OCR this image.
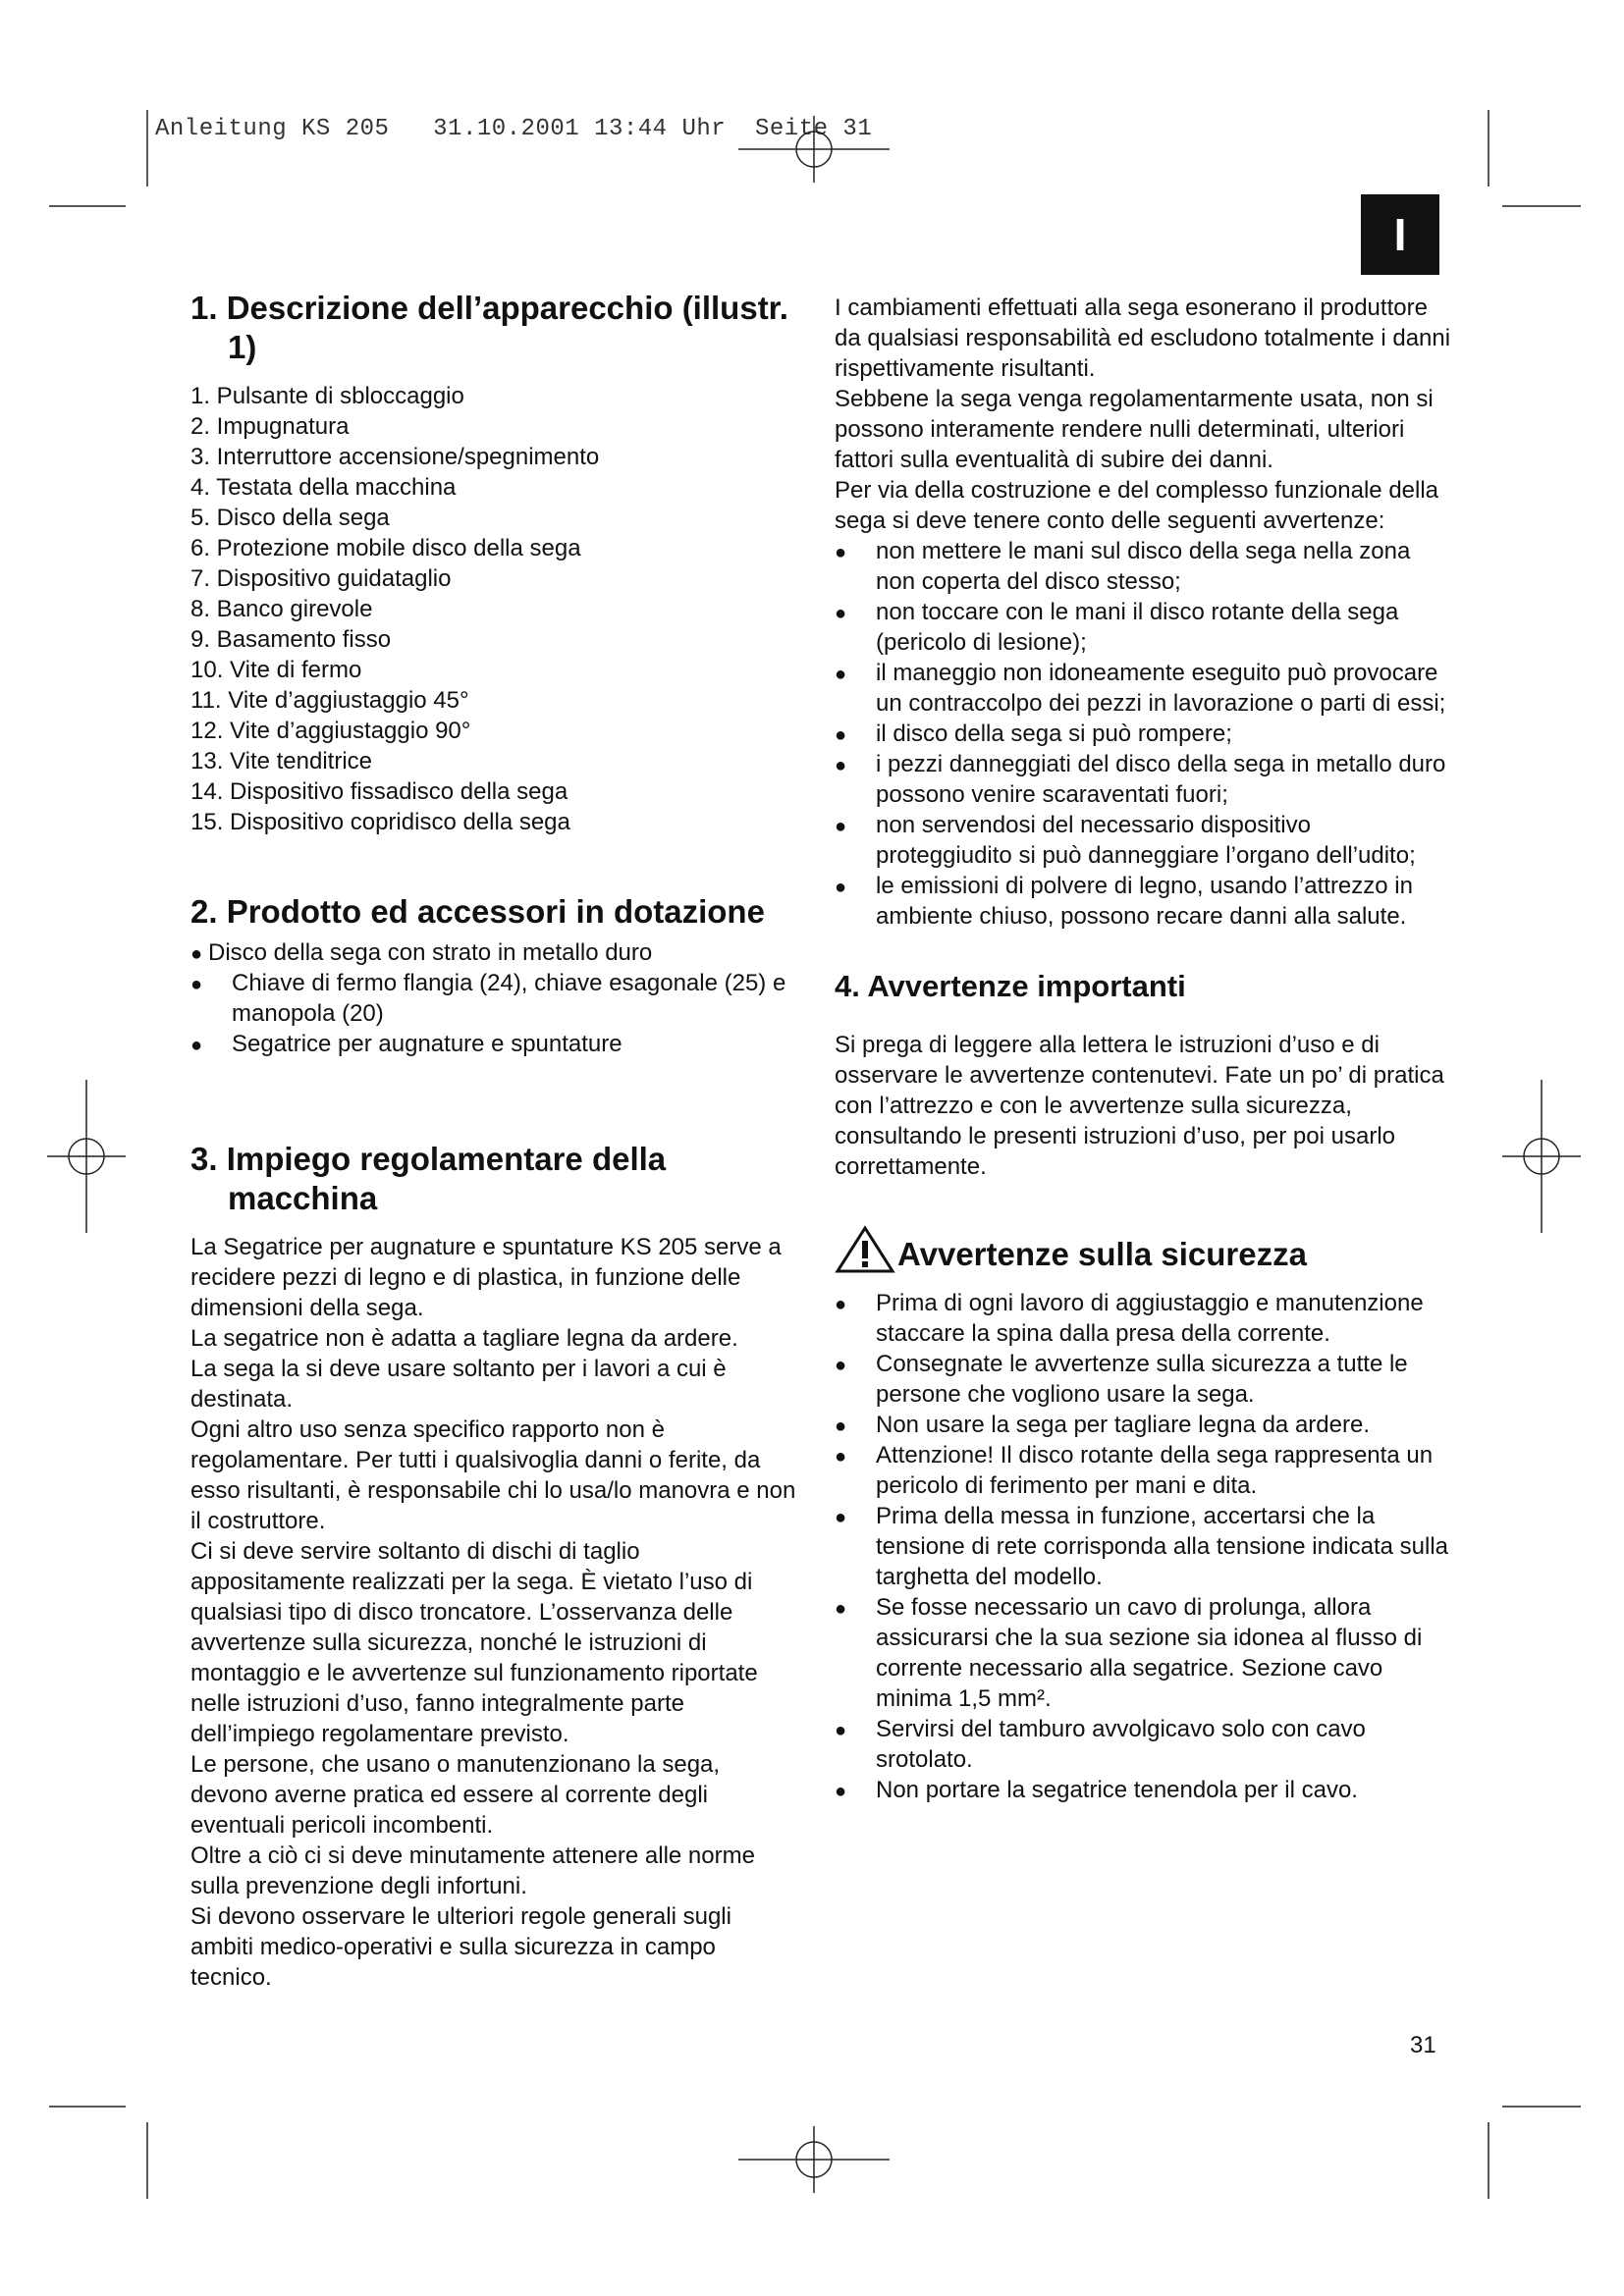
Anleitung KS 205   31.10.2001 13:44 Uhr  Seite 31
I
1. Descrizione dell’apparecchio (illustr. 1)
1. Pulsante di sbloccaggio
2. Impugnatura
3. Interruttore accensione/spegnimento
4. Testata della macchina
5. Disco della sega
6. Protezione mobile disco della sega
7. Dispositivo guidataglio
8. Banco girevole
9. Basamento fisso
10. Vite di fermo
11. Vite d’aggiustaggio 45°
12. Vite d’aggiustaggio 90°
13. Vite tenditrice
14. Dispositivo fissadisco della sega
15. Dispositivo copridisco della sega
2. Prodotto ed accessori in dotazione
●
Disco della sega con strato in metallo duro
●
Chiave di fermo flangia (24), chiave esagonale (25) e manopola (20)
●
Segatrice per augnature e spuntature
3. Impiego regolamentare della macchina

La Segatrice per augnature e spuntature KS 205 serve a recidere pezzi di legno e di plastica, in funzione delle dimensioni della sega.

La segatrice non è adatta a tagliare legna da ardere.

La sega la si deve usare soltanto per i lavori a cui è destinata.

Ogni altro uso senza specifico rapporto non è regolamentare. Per tutti i qualsivoglia danni o ferite, da esso risultanti, è responsabile chi lo usa/lo manovra e non il costruttore.

Ci si deve servire soltanto di dischi di taglio appositamente realizzati per la sega. È vietato l’uso di qualsiasi tipo di disco troncatore. L’osservanza delle avvertenze sulla sicurezza, nonché le istruzioni di montaggio e le avvertenze sul funzionamento riportate nelle istruzioni d’uso, fanno integralmente parte dell’impiego regolamentare previsto.

Le persone, che usano o manutenzionano la sega, devono averne pratica ed essere al corrente degli eventuali pericoli incombenti.

Oltre a ciò ci si deve minutamente attenere alle norme sulla prevenzione degli infortuni.

Si devono osservare le ulteriori regole generali sugli ambiti medico-operativi e sulla sicurezza in campo tecnico.

I cambiamenti effettuati alla sega esonerano il produttore da qualsiasi responsabilità ed escludono totalmente i danni rispettivamente risultanti.

Sebbene la sega venga regolamentarmente usata, non si possono interamente rendere nulli determinati, ulteriori fattori sulla eventualità di subire dei danni.

Per via della costruzione e del complesso funzionale della sega si deve tenere conto delle seguenti avvertenze:

●
non mettere le mani sul disco della sega nella zona non coperta del disco stesso;
●
non toccare con le mani il disco rotante della sega (pericolo di lesione);
●
il maneggio non idoneamente eseguito può provocare un contraccolpo dei pezzi in lavorazione o parti di essi;
●
il disco della sega si può rompere;
●
i pezzi danneggiati del disco della sega in metallo duro possono venire scaraventati fuori;
●
non servendosi del necessario dispositivo proteggiudito si può danneggiare l’organo dell’udito;
●
le emissioni di polvere di legno, usando l’attrezzo in ambiente chiuso, possono recare danni alla salute.
4. Avvertenze importanti

Si prega di leggere alla lettera le istruzioni d’uso e di osservare le avvertenze contenutevi. Fate un po’ di pratica con l’attrezzo e con le avvertenze sulla sicurezza, consultando le presenti istruzioni d’uso, per poi usarlo correttamente.

Avvertenze sulla sicurezza
●
Prima di ogni lavoro di aggiustaggio e manutenzione staccare la spina dalla presa della corrente.
●
Consegnate le avvertenze sulla sicurezza a tutte le persone che vogliono usare la sega.
●
Non usare la sega per tagliare legna da ardere.
●
Attenzione! Il disco rotante della sega rappresenta un pericolo di ferimento per mani e dita.
●
Prima della messa in funzione, accertarsi che la tensione di rete corrisponda alla tensione indicata sulla targhetta del modello.
●
Se fosse necessario un cavo di prolunga, allora assicurarsi che la sua sezione sia idonea al flusso di corrente necessario alla segatrice. Sezione cavo minima 1,5 mm².
●
Servirsi del tamburo avvolgicavo solo con cavo srotolato.
●
Non portare la segatrice tenendola per il cavo.
31
